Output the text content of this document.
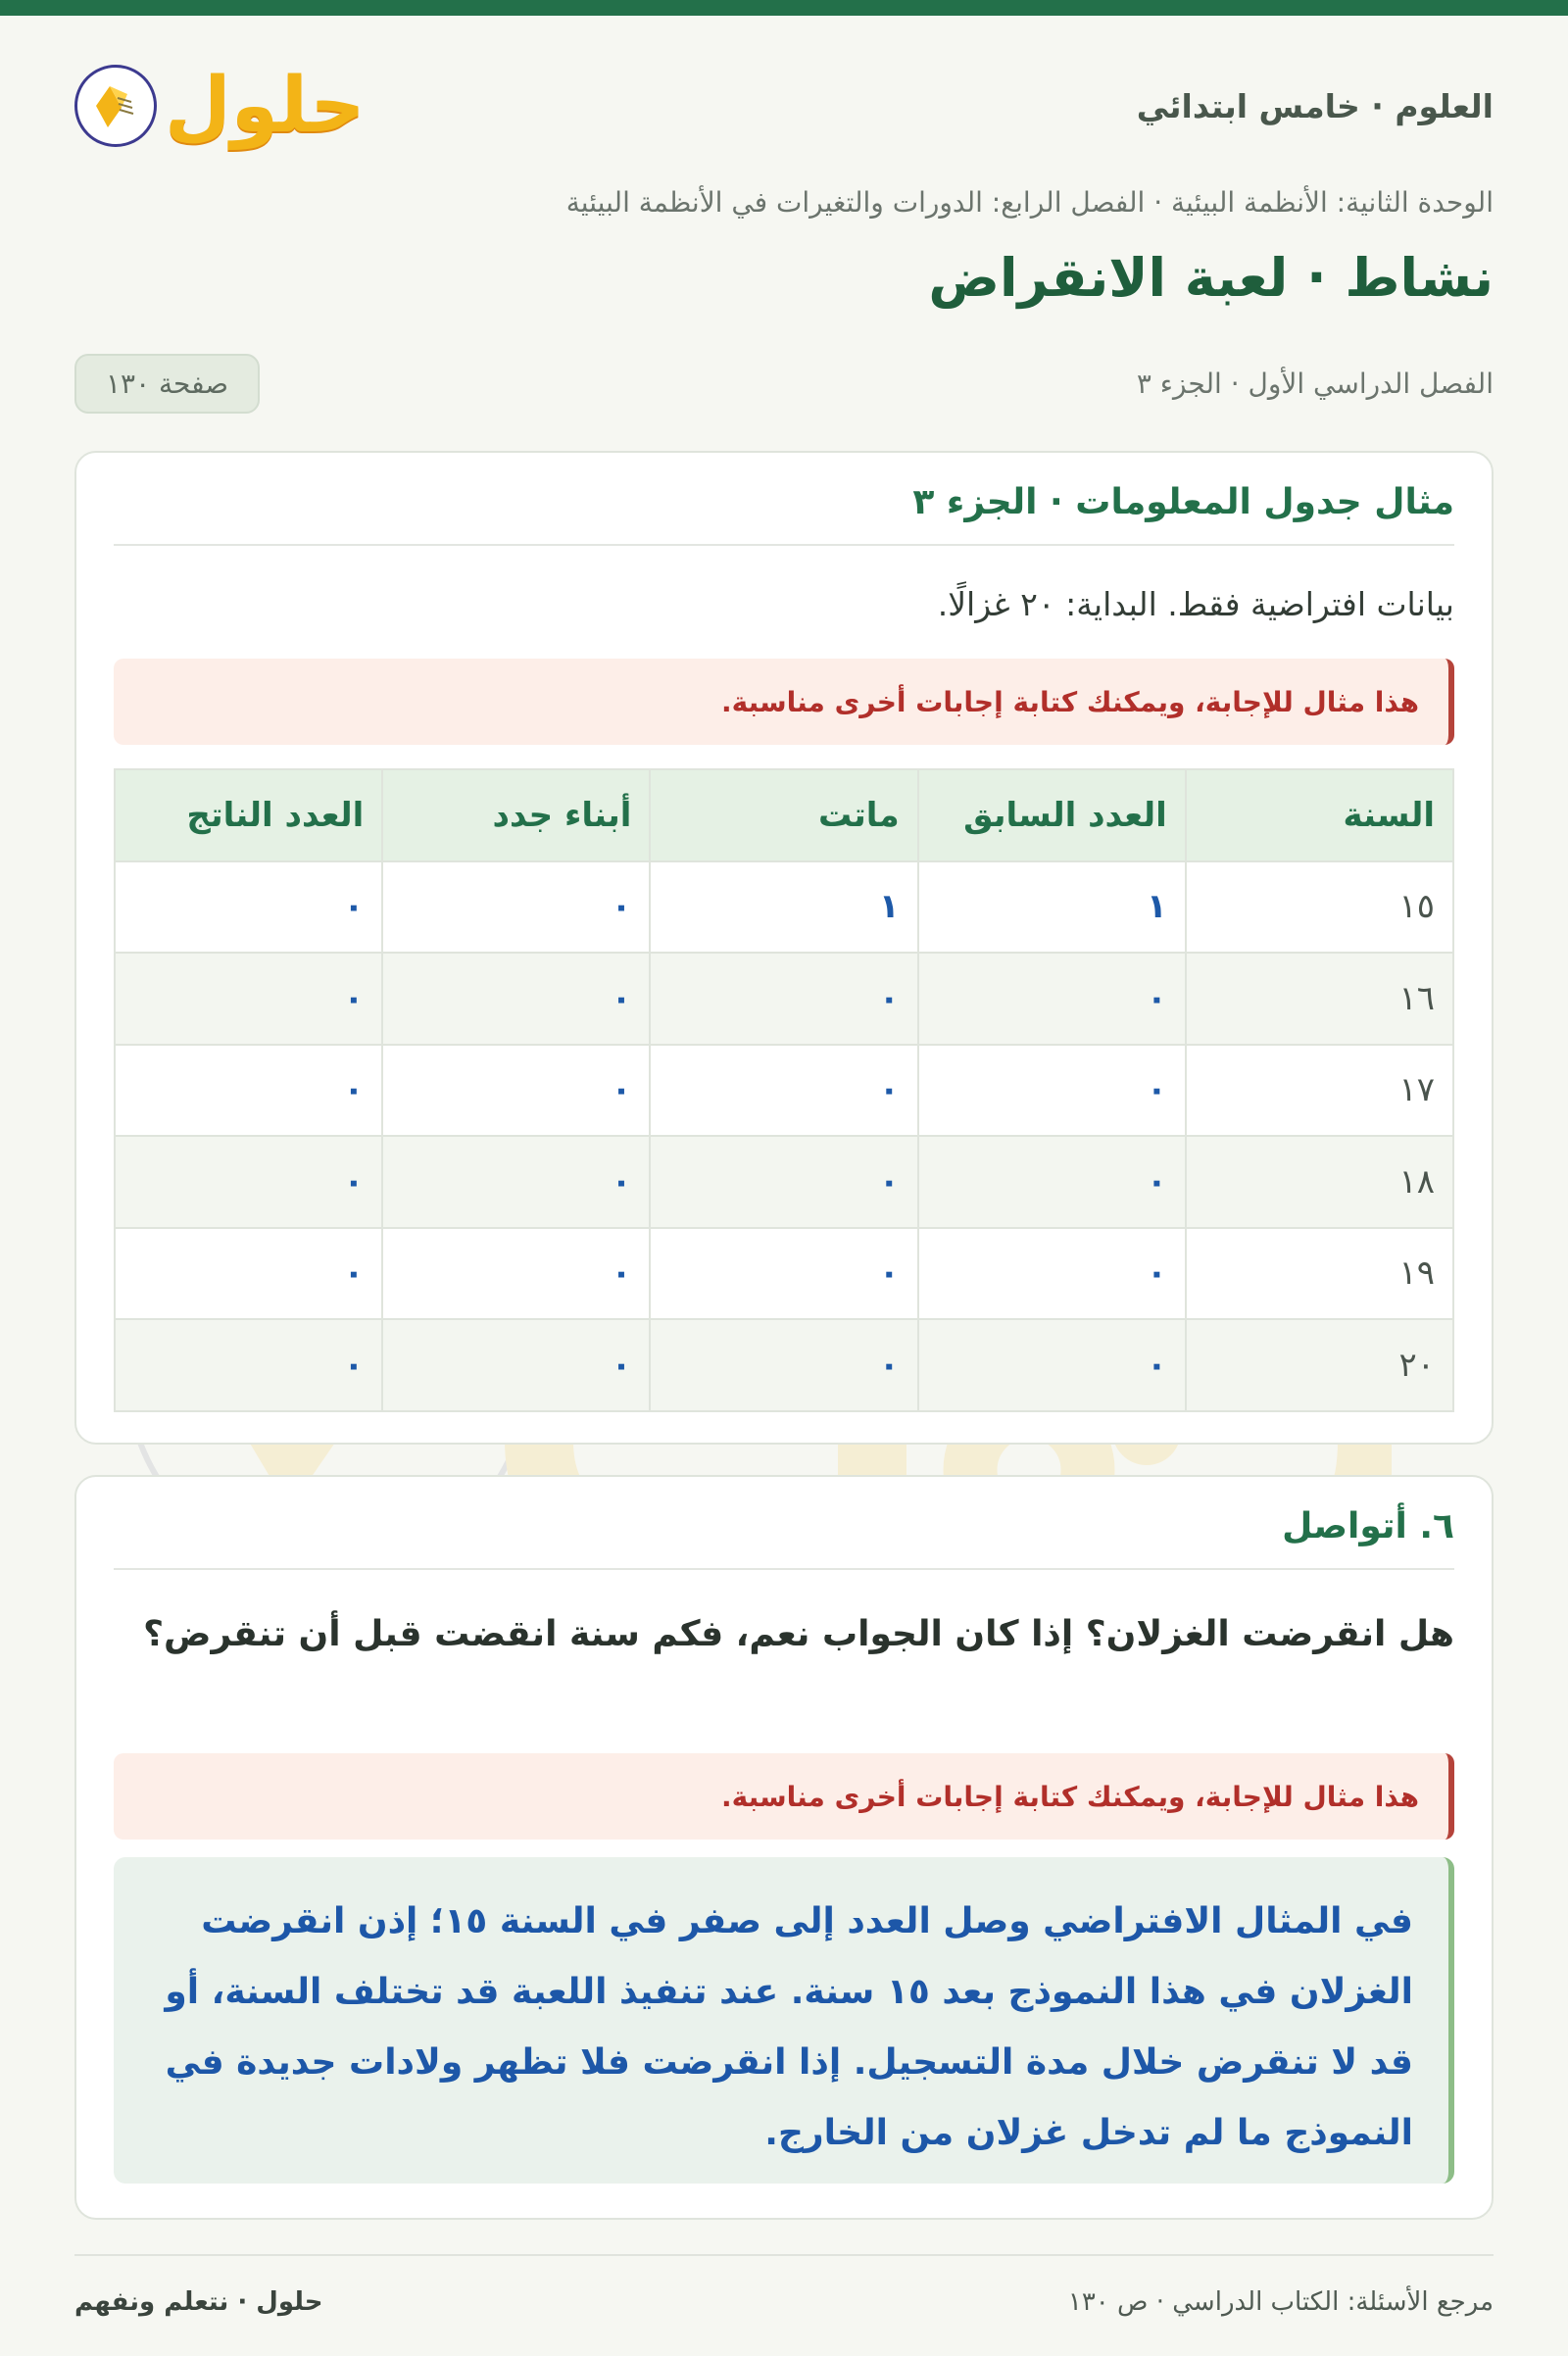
العلوم · خامس ابتدائي
حلول
الوحدة الثانية: الأنظمة البيئية · الفصل الرابع: الدورات والتغيرات في الأنظمة البيئية
نشاط · لعبة الانقراض
الفصل الدراسي الأول · الجزء ٣
صفحة ١٣٠
مثال جدول المعلومات · الجزء ٣
بيانات افتراضية فقط. البداية: ٢٠ غزالًا.
هذا مثال للإجابة، ويمكنك كتابة إجابات أخرى مناسبة.
السنة	العدد السابق	ماتت	أبناء جدد	العدد الناتج
١٥	١	١	٠	٠
١٦	٠	٠	٠	٠
١٧	٠	٠	٠	٠
١٨	٠	٠	٠	٠
١٩	٠	٠	٠	٠
٢٠	٠	٠	٠	٠
٦. أتواصل
هل انقرضت الغزلان؟ إذا كان الجواب نعم، فكم سنة انقضت قبل أن تنقرض؟
هذا مثال للإجابة، ويمكنك كتابة إجابات أخرى مناسبة.
في المثال الافتراضي وصل العدد إلى صفر في السنة ١٥؛ إذن انقرضت الغزلان في هذا النموذج بعد ١٥ سنة. عند تنفيذ اللعبة قد تختلف السنة، أو قد لا تنقرض خلال مدة التسجيل. إذا انقرضت فلا تظهر ولادات جديدة في النموذج ما لم تدخل غزلان من الخارج.
مرجع الأسئلة: الكتاب الدراسي · ص ١٣٠
حلول · نتعلم ونفهم
